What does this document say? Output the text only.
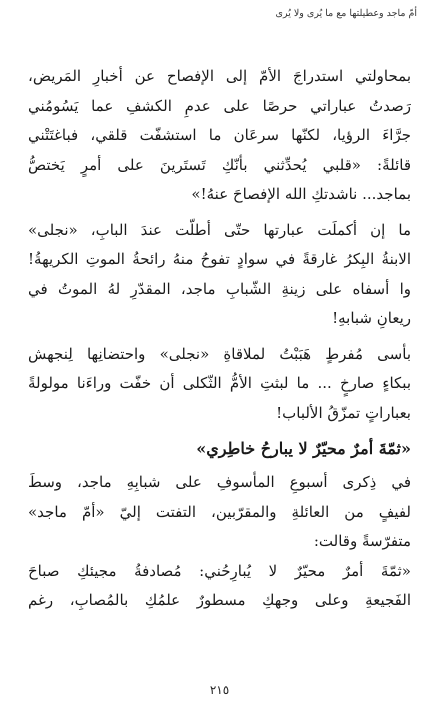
أمّ ماجد وعطيلتها مع ما يُرى ولا يُرى
بمحاولتي استدراجَ الأمّ إلى الإفصاح عن أخبارِ المَريض،
رَصدتُ عباراتي حرصًا على عدمِ الكشفِ عما يَسُومُني
جرَّاءَ الرؤيا، لكنّها سرعَان ما استشفّت قلقي، فباغتَتْني
قائلةً: «قلبي يُحدِّثني بأنّكِ تَستَرينَ على أمرٍ يَختصُّ
بماجد... ناشدتكِ الله الإفصاحَ عنهُ!»
ما إن أكملَت عبارتها حتّى أطلّت عندَ البابِ، «نجلى»
الابنةُ البِكرُ غارقةً في سوادٍ تفوحُ منهُ رائحةُ الموتِ الكريهةُ!
وا أسفاه على زينةِ الشّبابِ ماجد، المقدّرِ لهُ الموتُ في
ريعانِ شبابهِ!
بأسى مُفرطٍ هَبَبْتُ لملاقاةِ «نجلى» واحتضانِها لِنجهش
ببكاءٍ صارخٍ ... ما لبثتِ الأمُّ الثّكلى أن خفّت وراءَنا مولولةً
بعباراتٍ تمزّقُ الألباب!
«ثمّةَ أمرٌ محيّرٌ لا يبارحُ خاطِري»
في ذِكرى أسبوعِ المأسوفِ على شبابِهِ ماجد، وسطَ
لفيفٍ من العائلةِ والمقرّبين، التفتت إليّ «أمّ ماجد»
متفرّسةً وقالت:
«ثمّةَ أمرٌ محيّرٌ لا يُبارِحُني: مُصادفةُ مجيئكِ صباحَ
الفَجيعةِ وعلى وجهكِ مسطورٌ علمُكِ بالمُصابِ، رغم
٢١٥
